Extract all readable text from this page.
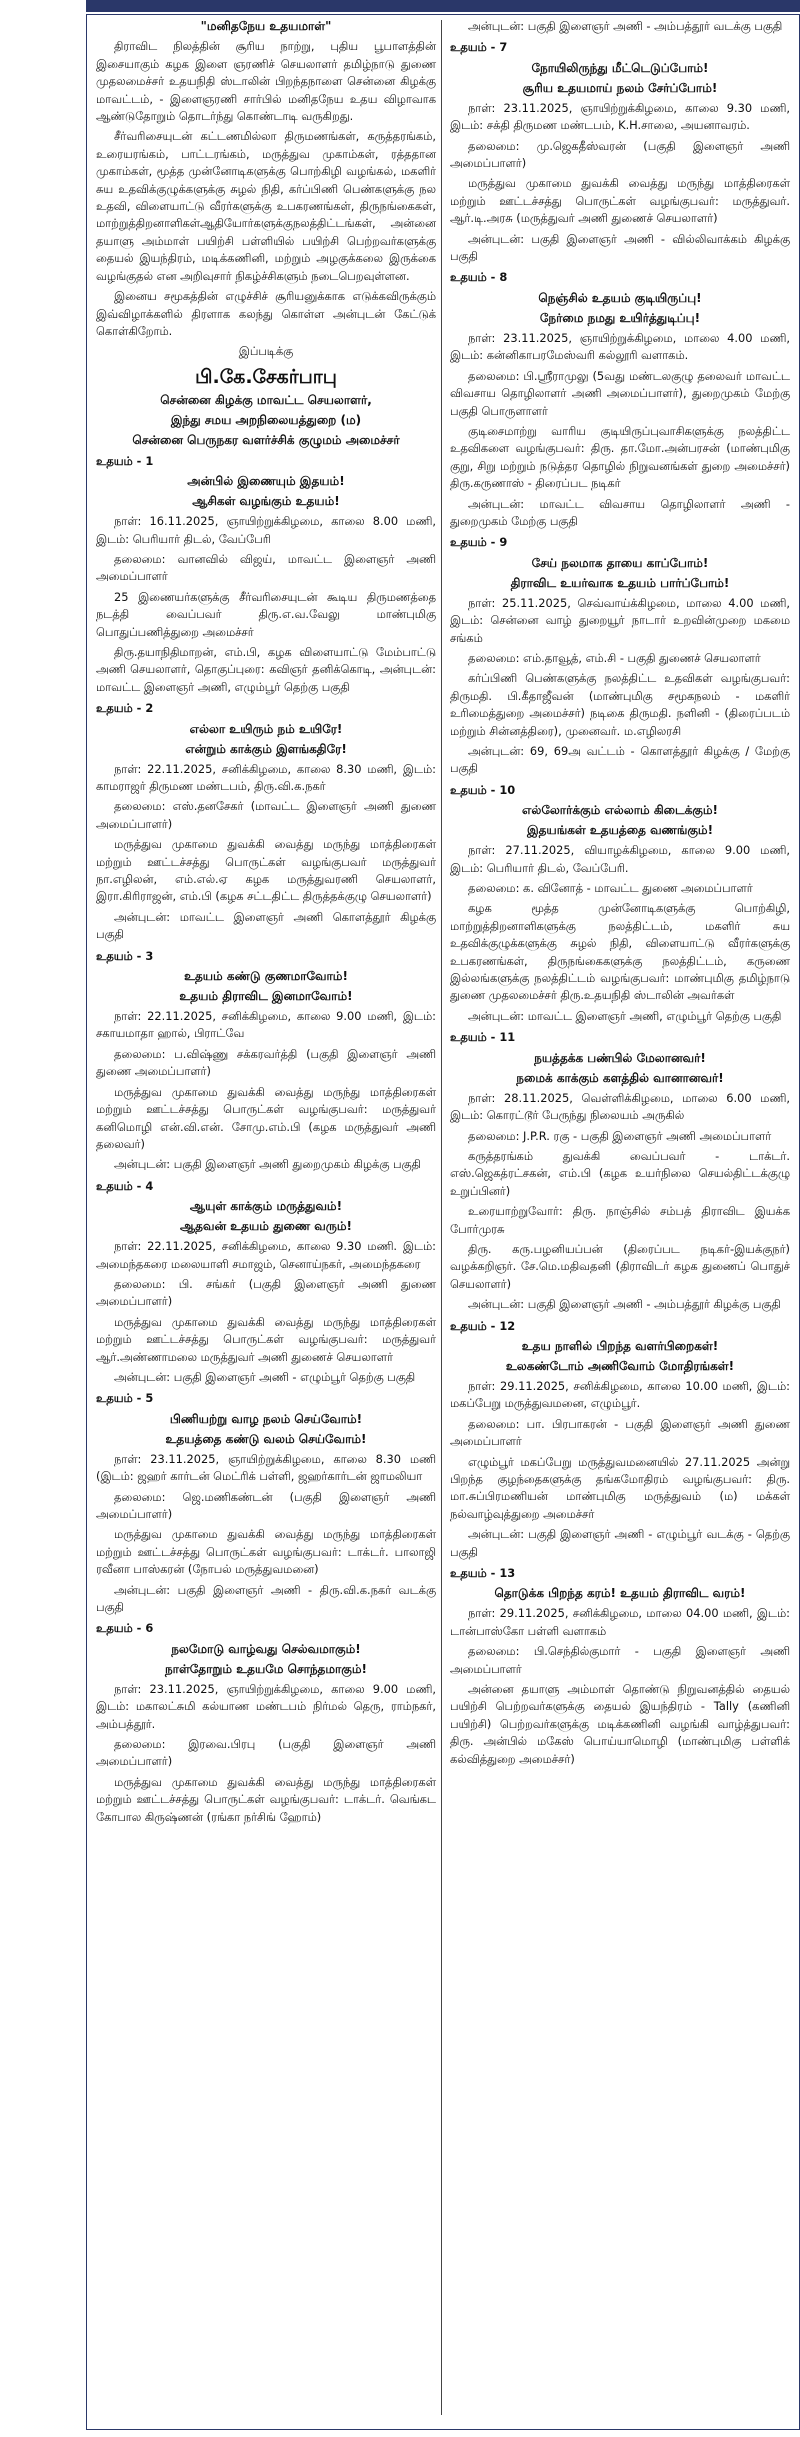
"மனிதநேய உதயமாள்"

திராவிட நிலத்தின் சூரிய நாற்று, புதிய பூபாளத்தின் இசையாகும் கழக இளை ஞரணிச் செயலாளர் தமிழ்நாடு துணை முதலமைச்சர் உதயநிதி ஸ்டாலின் பிறந்தநாளை சென்னை கிழக்கு மாவட்டம், - இளைஞரணி சார்பில் மனிதநேய உதய விழாவாக ஆண்டுதோறும் தொடர்ந்து கொண்டாடி வருகிறது.

சீர்வரிசையுடன் கட்டணமில்லா திருமணங்கள், கருத்தரங்கம், உரையரங்கம், பாட்டரங்கம், மருத்துவ முகாம்கள், ரத்ததான முகாம்கள், மூத்த முன்னோடிகளுக்கு பொற்கிழி வழங்கல், மகளிர் சுய உதவிக்குழுக்களுக்கு சுழல் நிதி, கர்ப்பிணி பெண்களுக்கு நல உதவி, விளையாட்டு வீரர்களுக்கு உபகரணங்கள், திருநங்கைகள், மாற்றுத்திறனாளிகள்ஆதியோர்களுக்குநலத்திட்டங்கள், அன்னை தயாளு அம்மாள் பயிற்சி பள்ளியில் பயிற்சி பெற்றவர்களுக்கு தையல் இயந்திரம், மடிக்கணினி, மற்றும் அழகுக்கலை இருக்கை வழங்குதல் என அறிவுசார் நிகழ்ச்சிகளும் நடைபெறவுள்ளன.

இனைய சமூகத்தின் எழுச்சிச் சூரியனுக்காக எடுக்கவிருக்கும் இவ்விழாக்களில் திரளாக கலந்து கொள்ள அன்புடன் கேட்டுக் கொள்கிறோம்.

இப்படிக்கு

பி.கே.சேகர்பாபு

சென்னை கிழக்கு மாவட்ட செயலாளர்,

இந்து சமய அறநிலையத்துறை (ம)

சென்னை பெருநகர வளர்ச்சிக் குழுமம் அமைச்சர்

உதயம் - 1

அன்பில் இணையும் இதயம்!

ஆசிகள் வழங்கும் உதயம்!

நாள்: 16.11.2025, ஞாயிற்றுக்கிழமை, காலை 8.00 மணி, இடம்: பெரியார் திடல், வேப்பேரி

தலைமை: வானவில் விஜய், மாவட்ட இளைஞர் அணி அமைப்பாளர்

25 இணையர்களுக்கு சீர்வரிசையுடன் கூடிய திருமணத்தை நடத்தி வைப்பவர் திரு.எ.வ.வேலு மாண்புமிகு பொதுப்பணித்துறை அமைச்சர்

திரு.தயாநிதிமாறன், எம்.பி, கழக விளையாட்டு மேம்பாட்டு அணி செயலாளர், தொகுப்புரை: கவிஞர் தனிக்கொடி, அன்புடன்: மாவட்ட இளைஞர் அணி, எழும்பூர் தெற்கு பகுதி

உதயம் - 2

எல்லா உயிரும் நம் உயிரே!

என்றும் காக்கும் இளங்கதிரே!

நாள்: 22.11.2025, சனிக்கிழமை, காலை 8.30 மணி, இடம்: காமராஜர் திருமண மண்டபம், திரு.வி.க.நகர்

தலைமை: எஸ்.தனசேகர் (மாவட்ட இளைஞர் அணி துணை அமைப்பாளர்)

மருத்துவ முகாமை துவக்கி வைத்து மருந்து மாத்திரைகள் மற்றும் ஊட்டச்சத்து பொருட்கள் வழங்குபவர் மருத்துவர் நா.எழிலன், எம்.எல்.ஏ கழக மருத்துவரணி செயலாளர், இரா.கிரிராஜன், எம்.பி (கழக சட்டதிட்ட திருத்தக்குழு செயலாளர்)

அன்புடன்: மாவட்ட இளைஞர் அணி கொளத்தூர் கிழக்கு பகுதி

உதயம் - 3

உதயம் கண்டு குணமாவோம்!

உதயம் திராவிட இனமாவோம்!

நாள்: 22.11.2025, சனிக்கிழமை, காலை 9.00 மணி, இடம்: சகாயமாதா ஹால், பிராட்வே

தலைமை: ப.விஷ்ணு சக்கரவர்த்தி (பகுதி இளைஞர் அணி துணை அமைப்பாளர்)

மருத்துவ முகாமை துவக்கி வைத்து மருந்து மாத்திரைகள் மற்றும் ஊட்டச்சத்து பொருட்கள் வழங்குபவர்: மருத்துவர் கனிமொழி என்.வி.என். சோமு.எம்.பி (கழக மருத்துவர் அணி தலைவர்)

அன்புடன்: பகுதி இளைஞர் அணி துறைமுகம் கிழக்கு பகுதி

உதயம் - 4

ஆயுள் காக்கும் மருத்துவம்!

ஆதவன் உதயம் துணை வரும்!

நாள்: 22.11.2025, சனிக்கிழமை, காலை 9.30 மணி. இடம்: அமைந்தகரை மலையாளி சமாஜம், செனாய்நகர், அமைந்தகரை

தலைமை: பி. சங்கர் (பகுதி இளைஞர் அணி துணை அமைப்பாளர்)

மருத்துவ முகாமை துவக்கி வைத்து மருந்து மாத்திரைகள் மற்றும் ஊட்டச்சத்து பொருட்கள் வழங்குபவர்: மருத்துவர் ஆர்.அண்ணாமலை மருத்துவர் அணி துணைச் செயலாளர்

அன்புடன்: பகுதி இளைஞர் அணி - எழும்பூர் தெற்கு பகுதி

உதயம் - 5

பிணியற்று வாழ நலம் செய்வோம்!

உதயத்தை கண்டு வலம் செய்வோம்!

நாள்: 23.11.2025, ஞாயிற்றுக்கிழமை, காலை 8.30 மணி (இடம்: ஜஹர் கார்டன் மெட்ரிக் பள்ளி, ஜஹர்கார்டன் ஜாமலியா

தலைமை: ஜெ.மணிகண்டன் (பகுதி இளைஞர் அணி அமைப்பாளர்)

மருத்துவ முகாமை துவக்கி வைத்து மருந்து மாத்திரைகள் மற்றும் ஊட்டச்சத்து பொருட்கள் வழங்குபவர்: டாக்டர். பாலாஜி ரவீனா பாஸ்கரன் (நோபல் மருத்துவமனை)

அன்புடன்: பகுதி இளைஞர் அணி - திரு.வி.க.நகர் வடக்கு பகுதி

உதயம் - 6

நலமோடு வாழ்வது செல்வமாகும்!

நாள்தோறும் உதயமே சொந்தமாகும்!

நாள்: 23.11.2025, ஞாயிற்றுக்கிழமை, காலை 9.00 மணி, இடம்: மகாலட்சுமி கல்யாண மண்டபம் நிர்மல் தெரு, ராம்நகர், அம்பத்தூர்.

தலைமை: இரவை.பிரபு (பகுதி இளைஞர் அணி அமைப்பாளர்)

மருத்துவ முகாமை துவக்கி வைத்து மருந்து மாத்திரைகள் மற்றும் ஊட்டச்சத்து பொருட்கள் வழங்குபவர்: டாக்டர். வெங்கட கோபால கிருஷ்ணன் (ரங்கா நர்சிங் ஹோம்)

அன்புடன்: பகுதி இளைஞர் அணி - அம்பத்தூர் வடக்கு பகுதி

உதயம் - 7

நோயிலிருந்து மீட்டெடுப்போம்!

சூரிய உதயமாய் நலம் சேர்ப்போம்!

நாள்: 23.11.2025, ஞாயிற்றுக்கிழமை, காலை 9.30 மணி, இடம்: சக்தி திருமண மண்டபம், K.H.சாலை, அயனாவரம்.

தலைமை: மு.ஜெகதீஸ்வரன் (பகுதி இளைஞர் அணி அமைப்பாளர்)

மருத்துவ முகாமை துவக்கி வைத்து மருந்து மாத்திரைகள் மற்றும் ஊட்டச்சத்து பொருட்கள் வழங்குபவர்: மருத்துவர். ஆர்.டி.அரசு (மருத்துவர் அணி துணைச் செயலாளர்)

அன்புடன்: பகுதி இளைஞர் அணி - வில்லிவாக்கம் கிழக்கு பகுதி

உதயம் - 8

நெஞ்சில் உதயம் குடியிருப்பு!

நேர்மை நமது உயிர்த்துடிப்பு!

நாள்: 23.11.2025, ஞாயிற்றுக்கிழமை, மாலை 4.00 மணி, இடம்: கன்னிகாபரமேஸ்வரி கல்லூரி வளாகம்.

தலைமை: பி.ஸ்ரீராமுலு (5வது மண்டலகுழு தலைவர் மாவட்ட விவசாய தொழிலாளர் அணி அமைப்பாளர்), துறைமுகம் மேற்கு பகுதி பொருளாளர்

குடிசைமாற்று வாரிய குடியிருப்புவாசிகளுக்கு நலத்திட்ட உதவிகளை வழங்குபவர்: திரு. தா.மோ.அன்பரசன் (மாண்புமிகு குறு, சிறு மற்றும் நடுத்தர தொழில் நிறுவனங்கள் துறை அமைச்சர்) திரு.கருணாஸ் - திரைப்பட நடிகர்

அன்புடன்: மாவட்ட விவசாய தொழிலாளர் அணி - துறைமுகம் மேற்கு பகுதி

உதயம் - 9

சேய் நலமாக தாயை காப்போம்!

திராவிட உயர்வாக உதயம் பார்ப்போம்!

நாள்: 25.11.2025, செவ்வாய்க்கிழமை, மாலை 4.00 மணி, இடம்: சென்னை வாழ் துறையூர் நாடார் உறவின்முறை மகமை சங்கம்

தலைமை: எம்.தாவூத், எம்.சி - பகுதி துணைச் செயலாளர்

கர்ப்பிணி பெண்களுக்கு நலத்திட்ட உதவிகள் வழங்குபவர்: திருமதி. பி.கீதாஜீவன் (மாண்புமிகு சமூகநலம் - மகளிர் உரிமைத்துறை அமைச்சர்) நடிகை திருமதி. நளினி - (திரைப்படம் மற்றும் சின்னத்திரை), முனைவர். ம.எழிலரசி

அன்புடன்: 69, 69அ வட்டம் - கொளத்தூர் கிழக்கு / மேற்கு பகுதி

உதயம் - 10

எல்லோர்க்கும் எல்லாம் கிடைக்கும்!

இதயங்கள் உதயத்தை வணங்கும்!

நாள்: 27.11.2025, வியாழக்கிழமை, காலை 9.00 மணி, இடம்: பெரியார் திடல், வேப்பேரி.

தலைமை: க. வினோத் - மாவட்ட துணை அமைப்பாளர்

கழக மூத்த முன்னோடிகளுக்கு பொற்கிழி, மாற்றுத்திறனாளிகளுக்கு நலத்திட்டம், மகளிர் சுய உதவிக்குழுக்களுக்கு சுழல் நிதி, விளையாட்டு வீரர்களுக்கு உபகரணங்கள், திருநங்கைகளுக்கு நலத்திட்டம், கருணை இல்லங்களுக்கு நலத்திட்டம் வழங்குபவர்: மாண்புமிகு தமிழ்நாடு துணை முதலமைச்சர் திரு.உதயநிதி ஸ்டாலின் அவர்கள்

அன்புடன்: மாவட்ட இளைஞர் அணி, எழும்பூர் தெற்கு பகுதி

உதயம் - 11

நயத்தக்க பண்பில் மேலானவர்!

நமைக் காக்கும் களத்தில் வானானவர்!

நாள்: 28.11.2025, வெள்ளிக்கிழமை, மாலை 6.00 மணி, இடம்: கொரட்டூர் பேருந்து நிலையம் அருகில்

தலைமை: J.P.R. ரகு - பகுதி இளைஞர் அணி அமைப்பாளர்

கருத்தரங்கம் துவக்கி வைப்பவர் - டாக்டர். எஸ்.ஜெகத்ரட்சகன், எம்.பி (கழக உயர்நிலை செயல்திட்டக்குழு உறுப்பினர்)

உரையாற்றுவோர்: திரு. நாஞ்சில் சம்பத் திராவிட இயக்க போர்முரசு

திரு. கரு.பழனியப்பன் (திரைப்பட நடிகர்-இயக்குநர்) வழக்கறிஞர். சே.மெ.மதிவதனி (திராவிடர் கழக துணைப் பொதுச் செயலாளர்)

அன்புடன்: பகுதி இளைஞர் அணி - அம்பத்தூர் கிழக்கு பகுதி

உதயம் - 12

உதய நாளில் பிறந்த வளர்பிறைகள்!

உலகண்டோம் அணிவோம் மோதிரங்கள்!

நாள்: 29.11.2025, சனிக்கிழமை, காலை 10.00 மணி, இடம்: மகப்பேறு மருத்துவமனை, எழும்பூர்.

தலைமை: பா. பிரபாகரன் - பகுதி இளைஞர் அணி துணை அமைப்பாளர்

எழும்பூர் மகப்பேறு மருத்துவமனையில் 27.11.2025 அன்று பிறந்த குழந்தைகளுக்கு தங்கமோதிரம் வழங்குபவர்: திரு. மா.சுப்பிரமணியன் மாண்புமிகு மருத்துவம் (ம) மக்கள் நல்வாழ்வுத்துறை அமைச்சர்

அன்புடன்: பகுதி இளைஞர் அணி - எழும்பூர் வடக்கு - தெற்கு பகுதி

உதயம் - 13

தொடுக்க பிறந்த கரம்! உதயம் திராவிட வரம்!

நாள்: 29.11.2025, சனிக்கிழமை, மாலை 04.00 மணி, இடம்: டான்பாஸ்கோ பள்ளி வளாகம்

தலைமை: பி.செந்தில்குமார் - பகுதி இளைஞர் அணி அமைப்பாளர்

அன்னை தயாளு அம்மாள் தொண்டு நிறுவனத்தில் தையல் பயிற்சி பெற்றவர்களுக்கு தையல் இயந்திரம் - Tally (கணினி பயிற்சி) பெற்றவர்களுக்கு மடிக்கணினி வழங்கி வாழ்த்துபவர்: திரு. அன்பில் மகேஸ் பொய்யாமொழி (மாண்புமிகு பள்ளிக் கல்வித்துறை அமைச்சர்)
